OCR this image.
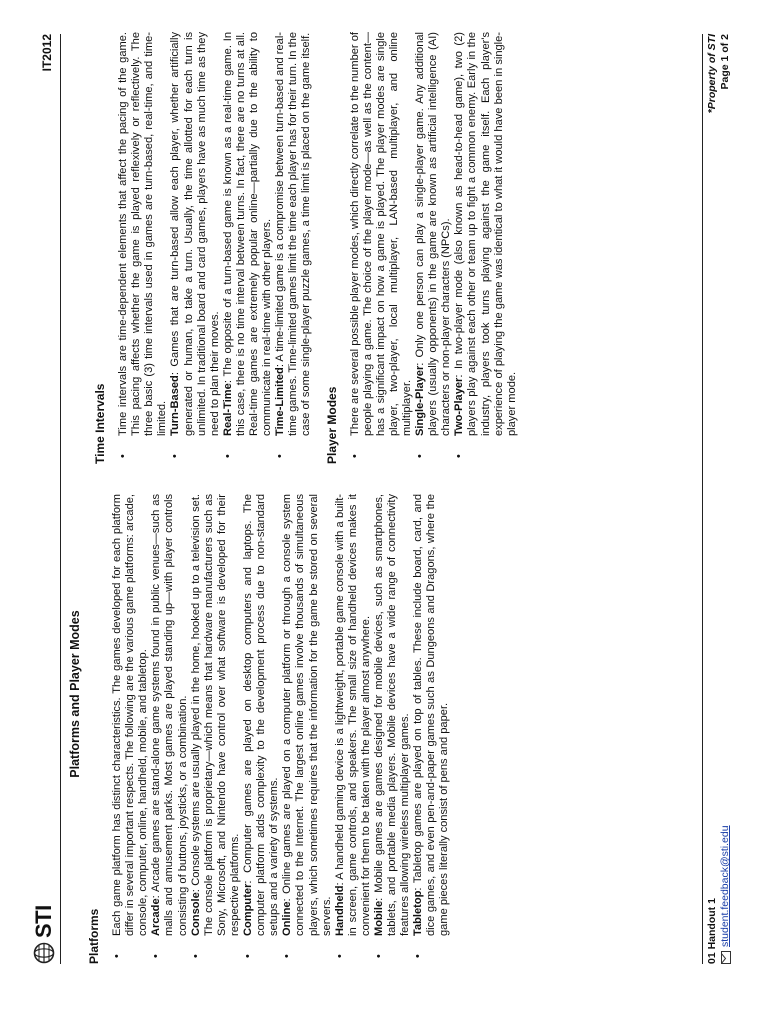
STI
IT2012
Platforms and Player Modes
Platforms •
Each game platform has distinct characteristics. The games developed for each platform differ in several important respects. The following are the various game platforms: arcade, console, computer, online, handheld, mobile, and tabletop.
•
Arcade: Arcade games are stand-alone game systems found in public venues—such as malls and amusement parks. Most games are played standing up—with player controls consisting of buttons, joysticks, or a combination.
•
Console: Console systems are usually played in the home, hooked up to a television set. The console platform is proprietary—which means that hardware manufacturers such as Sony, Microsoft, and Nintendo have control over what software is developed for their respective platforms.
•
Computer: Computer games are played on desktop computers and laptops. The computer platform adds complexity to the development process due to non-standard setups and a variety of systems.
•
Online: Online games are played on a computer platform or through a console system connected to the Internet. The largest online games involve thousands of simultaneous players, which sometimes requires that the information for the game be stored on several servers.
•
Handheld: A handheld gaming device is a lightweight, portable game console with a built-in screen, game controls, and speakers. The small size of handheld devices makes it convenient for them to be taken with the player almost anywhere.
•
Mobile: Mobile games are games designed for mobile devices, such as smartphones, tablets, and portable media players. Mobile devices have a wide range of connectivity features allowing wireless multiplayer games.
•
Tabletop: Tabletop games are played on top of tables. These include board, card, and dice games, and even pen-and-paper games such as Dungeons and Dragons, where the game pieces literally consist of pens and paper.
Time Intervals •
Time intervals are time-dependent elements that affect the pacing of the game. This pacing affects whether the game is played reflexively or reflectively. The three basic (3) time intervals used in games are turn-based, real-time, and time-limited.
•
Turn-Based: Games that are turn-based allow each player, whether artificially generated or human, to take a turn. Usually, the time allotted for each turn is unlimited. In traditional board and card games, players have as much time as they need to plan their moves.
•
Real-Time: The opposite of a turn-based game is known as a real-time game. In this case, there is no time interval between turns. In fact, there are no turns at all. Real-time games are extremely popular online—partially due to the ability to communicate in real-time with other players.
•
Time-Limited: A time-limited game is a compromise between turn-based and real-time games. Time-limited games limit the time each player has for their turn. In the case of some single-player puzzle games, a time limit is placed on the game itself. Player Modes •
There are several possible player modes, which directly correlate to the number of people playing a game. The choice of the player mode—as well as the content—has a significant impact on how a game is played. The player modes are single player, two-player, local multiplayer, LAN-based multiplayer, and online multiplayer.
•
Single-Player: Only one person can play a single-player game. Any additional players (usually opponents) in the game are known as artificial intelligence (AI) characters or non-player characters (NPCs).
•
Two-Player: In two-player mode (also known as head-to-head game), two (2) players play against each other or team up to fight a common enemy. Early in the industry, players took turns playing against the game itself. Each player's experience of playing the game was identical to what it would have been in single-player mode.
01 Handout 1 student.feedback@sti.edu
*Property of STI Page 1 of 2
